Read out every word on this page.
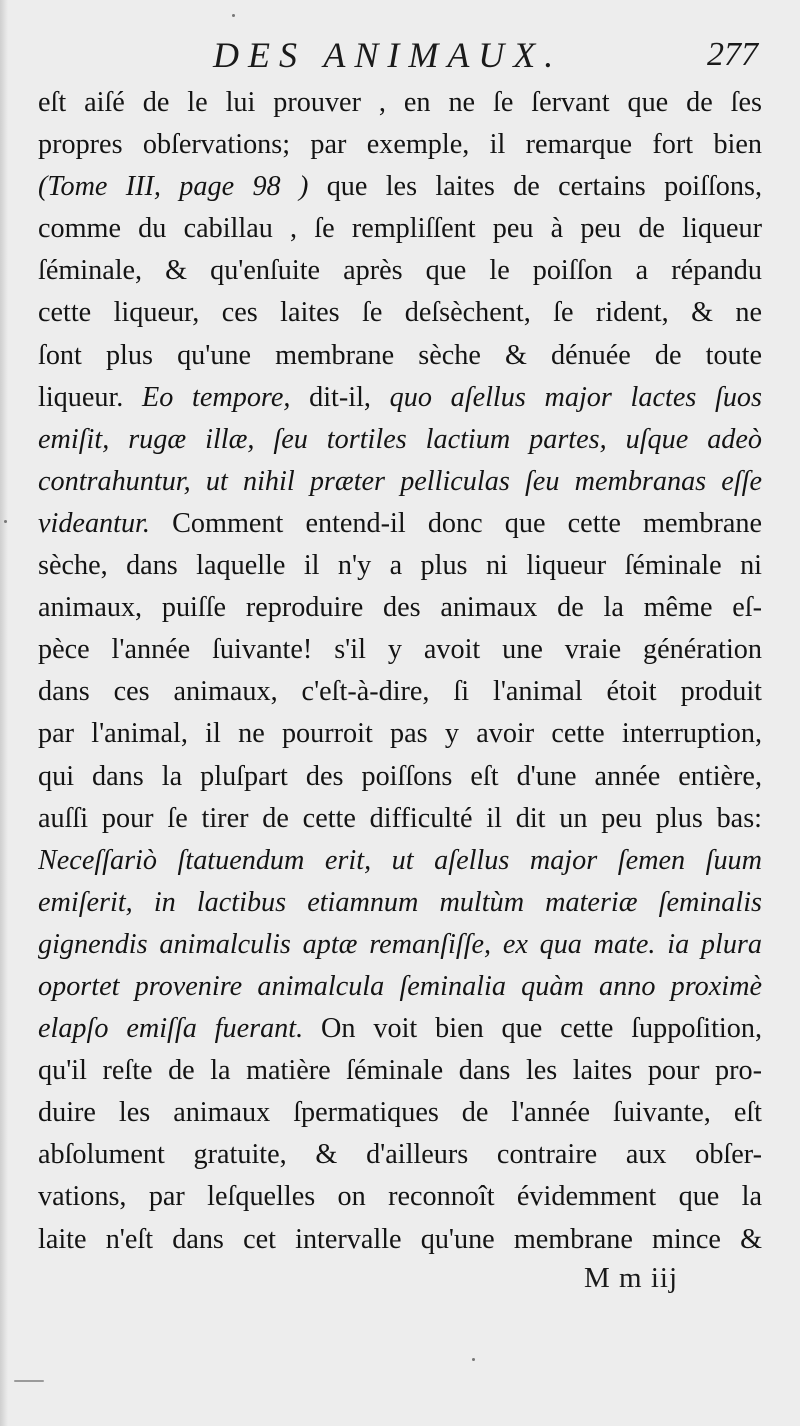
DES ANIMAUX.	277
eſt aiſé de le lui prouver , en ne ſe ſervant que de ſes
propres obſervations; par exemple, il remarque fort bien
(Tome III, page 98 ) que les laites de certains poiſſons,
comme du cabillau , ſe rempliſſent peu à peu de liqueur
ſéminale, & qu'enſuite après que le poiſſon a répandu
cette liqueur, ces laites ſe deſsèchent, ſe rident, & ne
ſont plus qu'une membrane sèche & dénuée de toute
liqueur. Eo tempore, dit-il, quo aſellus major lactes ſuos
emiſit, rugæ illæ, ſeu tortiles lactium partes, uſque adeò
contrahuntur, ut nihil præter pelliculas ſeu membranas eſſe
videantur. Comment entend-il donc que cette membrane
sèche, dans laquelle il n'y a plus ni liqueur ſéminale ni
animaux, puiſſe reproduire des animaux de la même eſ-
pèce l'année ſuivante! s'il y avoit une vraie génération
dans ces animaux, c'eſt-à-dire, ſi l'animal étoit produit
par l'animal, il ne pourroit pas y avoir cette interruption,
qui dans la pluſpart des poiſſons eſt d'une année entière,
auſſi pour ſe tirer de cette difficulté il dit un peu plus bas:
Neceſſariò ſtatuendum erit, ut aſellus major ſemen ſuum
emiſerit, in lactibus etiamnum multùm materiæ ſeminalis
gignendis animalculis aptæ remanſiſſe, ex qua mate. ia plura
oportet provenire animalcula ſeminalia quàm anno proximè
elapſo emiſſa fuerant. On voit bien que cette ſuppoſition,
qu'il reſte de la matière ſéminale dans les laites pour pro-
duire les animaux ſpermatiques de l'année ſuivante, eſt
abſolument gratuite, & d'ailleurs contraire aux obſer-
vations, par leſquelles on reconnoît évidemment que la
laite n'eſt dans cet intervalle qu'une membrane mince &
M m iij
